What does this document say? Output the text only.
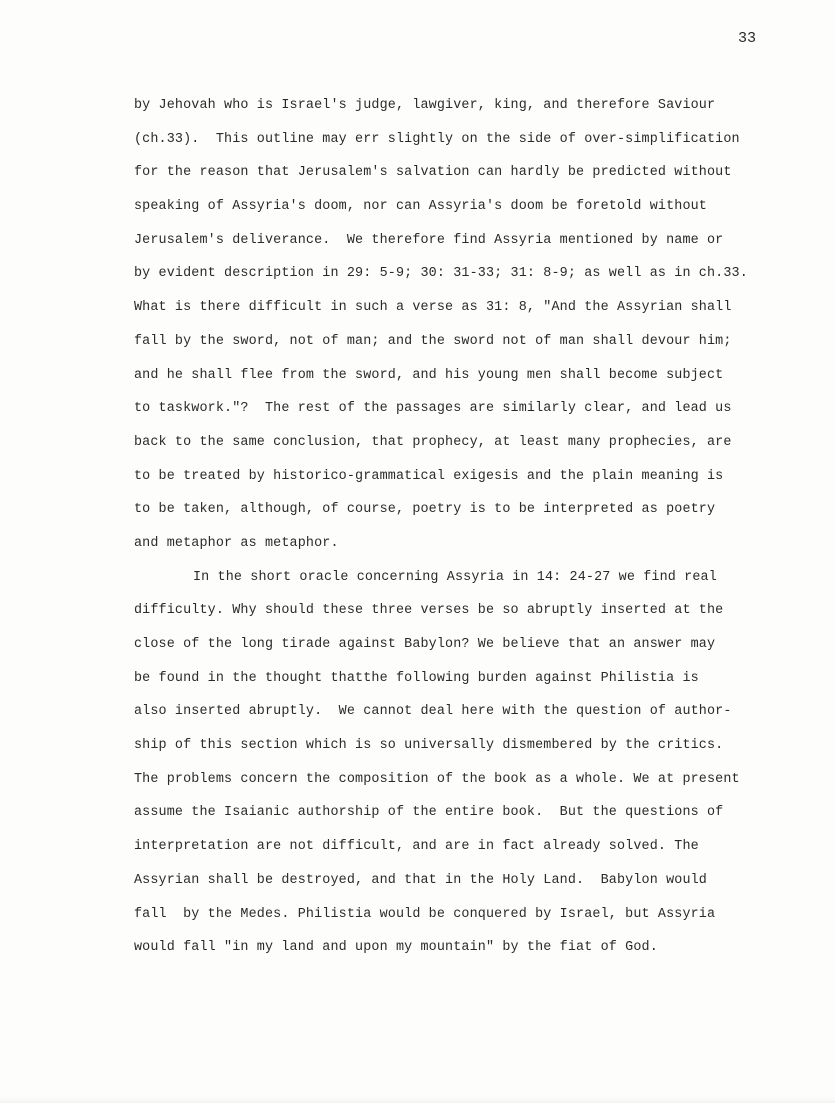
33
by Jehovah who is Israel's judge, lawgiver, king, and therefore Saviour
(ch.33).  This outline may err slightly on the side of over-simplification
for the reason that Jerusalem's salvation can hardly be predicted without
speaking of Assyria's doom, nor can Assyria's doom be foretold without
Jerusalem's deliverance.  We therefore find Assyria mentioned by name or
by evident description in 29: 5-9; 30: 31-33; 31: 8-9; as well as in ch.33.
What is there difficult in such a verse as 31: 8, "And the Assyrian shall
fall by the sword, not of man; and the sword not of man shall devour him;
and he shall flee from the sword, and his young men shall become subject
to taskwork."?  The rest of the passages are similarly clear, and lead us
back to the same conclusion, that prophecy, at least many prophecies, are
to be treated by historico-grammatical exigesis and the plain meaning is
to be taken, although, of course, poetry is to be interpreted as poetry
and metaphor as metaphor.
In the short oracle concerning Assyria in 14: 24-27 we find real
difficulty. Why should these three verses be so abruptly inserted at the
close of the long tirade against Babylon? We believe that an answer may
be found in the thought thatthe following burden against Philistia is
also inserted abruptly.  We cannot deal here with the question of author-
ship of this section which is so universally dismembered by the critics.
The problems concern the composition of the book as a whole. We at present
assume the Isaianic authorship of the entire book.  But the questions of
interpretation are not difficult, and are in fact already solved. The
Assyrian shall be destroyed, and that in the Holy Land.  Babylon would
fall  by the Medes. Philistia would be conquered by Israel, but Assyria
would fall "in my land and upon my mountain" by the fiat of God.
